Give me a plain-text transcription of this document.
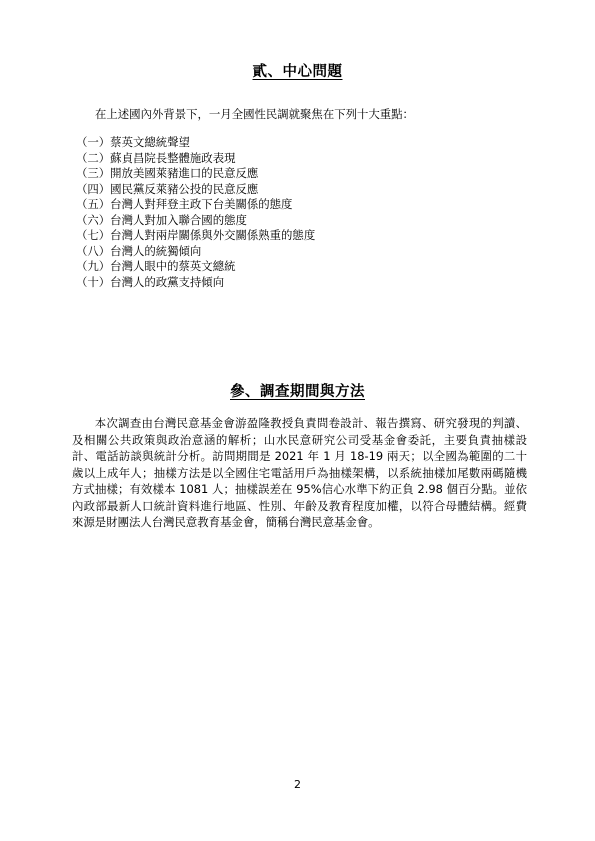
貳、中心問題
在上述國內外背景下，一月全國性民調就聚焦在下列十大重點：
（一）蔡英文總統聲望
（二）蘇貞昌院長整體施政表現
（三）開放美國萊豬進口的民意反應
（四）國民黨反萊豬公投的民意反應
（五）台灣人對拜登主政下台美關係的態度
（六）台灣人對加入聯合國的態度
（七）台灣人對兩岸關係與外交關係熟重的態度
（八）台灣人的統獨傾向
（九）台灣人眼中的蔡英文總統
（十）台灣人的政黨支持傾向
參、調查期間與方法

本次調查由台灣民意基金會游盈隆教授負責問卷設計、報告撰寫、研究發現的判讀、及相關公共政策與政治意涵的解析；山水民意研究公司受基金會委託，主要負責抽樣設計、電話訪談與統計分析。訪問期間是 2021 年 1 月 18-19 兩天；以全國為範圍的二十歲以上成年人；抽樣方法是以全國住宅電話用戶為抽樣架構，以系統抽樣加尾數兩碼隨機方式抽樣；有效樣本 1081 人；抽樣誤差在 95%信心水準下約正負 2.98 個百分點。並依內政部最新人口統計資料進行地區、性別、年齡及教育程度加權，以符合母體結構。經費來源是財團法人台灣民意教育基金會，簡稱台灣民意基金會。

2
